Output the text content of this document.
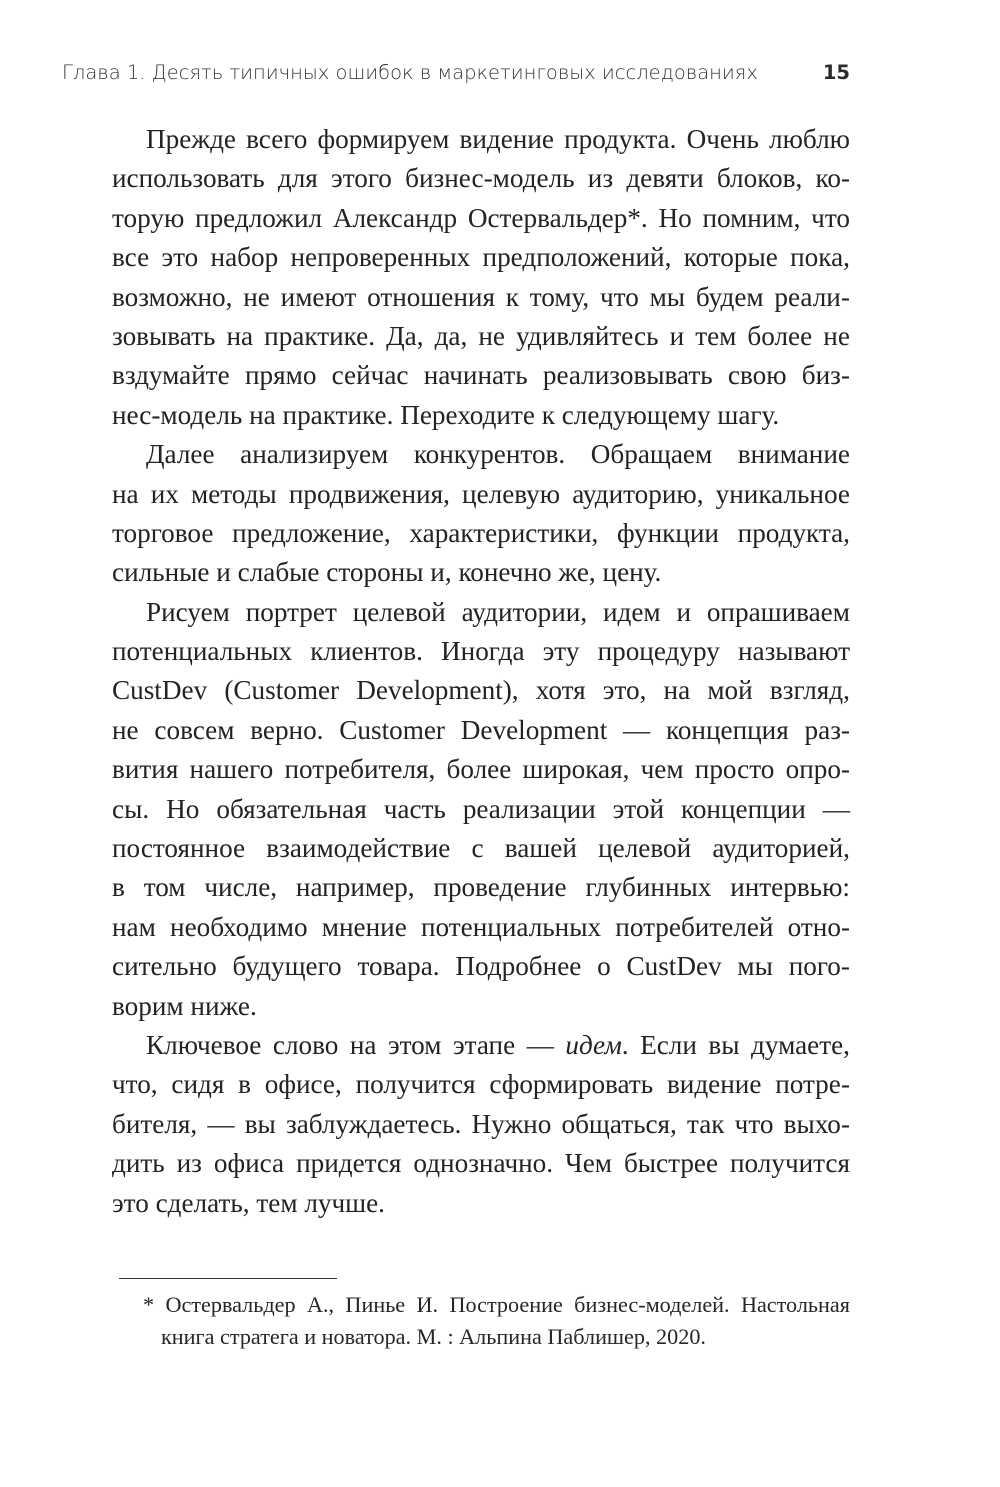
Глава 1. Десять типичных ошибок в маркетинговых исследованиях	15
Прежде всего формируем видение продукта. Очень люблю
использовать для этого бизнес-модель из девяти блоков, ко-
торую предложил Александр Остервальдер*. Но помним, что
все это набор непроверенных предположений, которые пока,
возможно, не имеют отношения к тому, что мы будем реали-
зовывать на практике. Да, да, не удивляйтесь и тем более не
вздумайте прямо сейчас начинать реализовывать свою биз-
нес-модель
на
практике.
Переходите
к
следующему
шагу.
Далее анализируем конкурентов. Обращаем внимание
на их методы продвижения, целевую аудиторию, уникальное
торговое предложение, характеристики, функции продукта,
сильные
и
слабые
стороны
и,
конечно
же,
цену.
Рисуем портрет целевой аудитории, идем и опрашиваем
потенциальных клиентов. Иногда эту процедуру называют
CustDev (Customer Development), хотя это, на мой взгляд,
не совсем верно. Customer Development — концепция раз-
вития нашего потребителя, более широкая, чем просто опро-
сы. Но обязательная часть реализации этой концепции —
постоянное взаимодействие с вашей целевой аудиторией,
в том числе, например, проведение глубинных интервью:
нам необходимо мнение потенциальных потребителей отно-
сительно будущего товара. Подробнее о CustDev мы пого-
ворим
ниже.
Ключевое слово на этом этапе — идем. Если вы думаете,
что, сидя в офисе, получится сформировать видение потре-
бителя, — вы заблуждаетесь. Нужно общаться, так что выхо-
дить из офиса придется однозначно. Чем быстрее получится
это
сделать,
тем
лучше.
* Остервальдер А., Пинье И. Построение бизнес-моделей. Настольная
книга стратега и новатора. М. : Альпина Паблишер, 2020.
